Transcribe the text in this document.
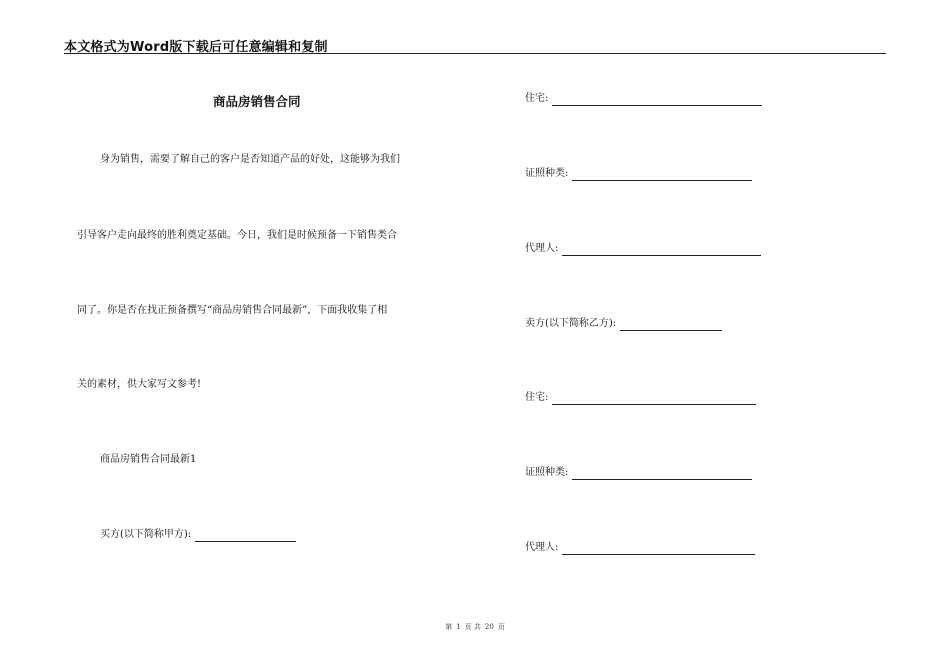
本文格式为Word版下载后可任意编辑和复制
商品房销售合同
身为销售，需要了解自己的客户是否知道产品的好处，这能够为我们
引导客户走向最终的胜利奠定基础。今日，我们是时候预备一下销售类合
同了。你是否在找正预备撰写“商品房销售合同最新”，下面我收集了相
关的素材，供大家写文参考!
商品房销售合同最新1
买方(以下简称甲方):
住宅:
证照种类:
代理人:
卖方(以下简称乙方):
住宅:
证照种类:
代理人:
第 1 页 共 20 页
